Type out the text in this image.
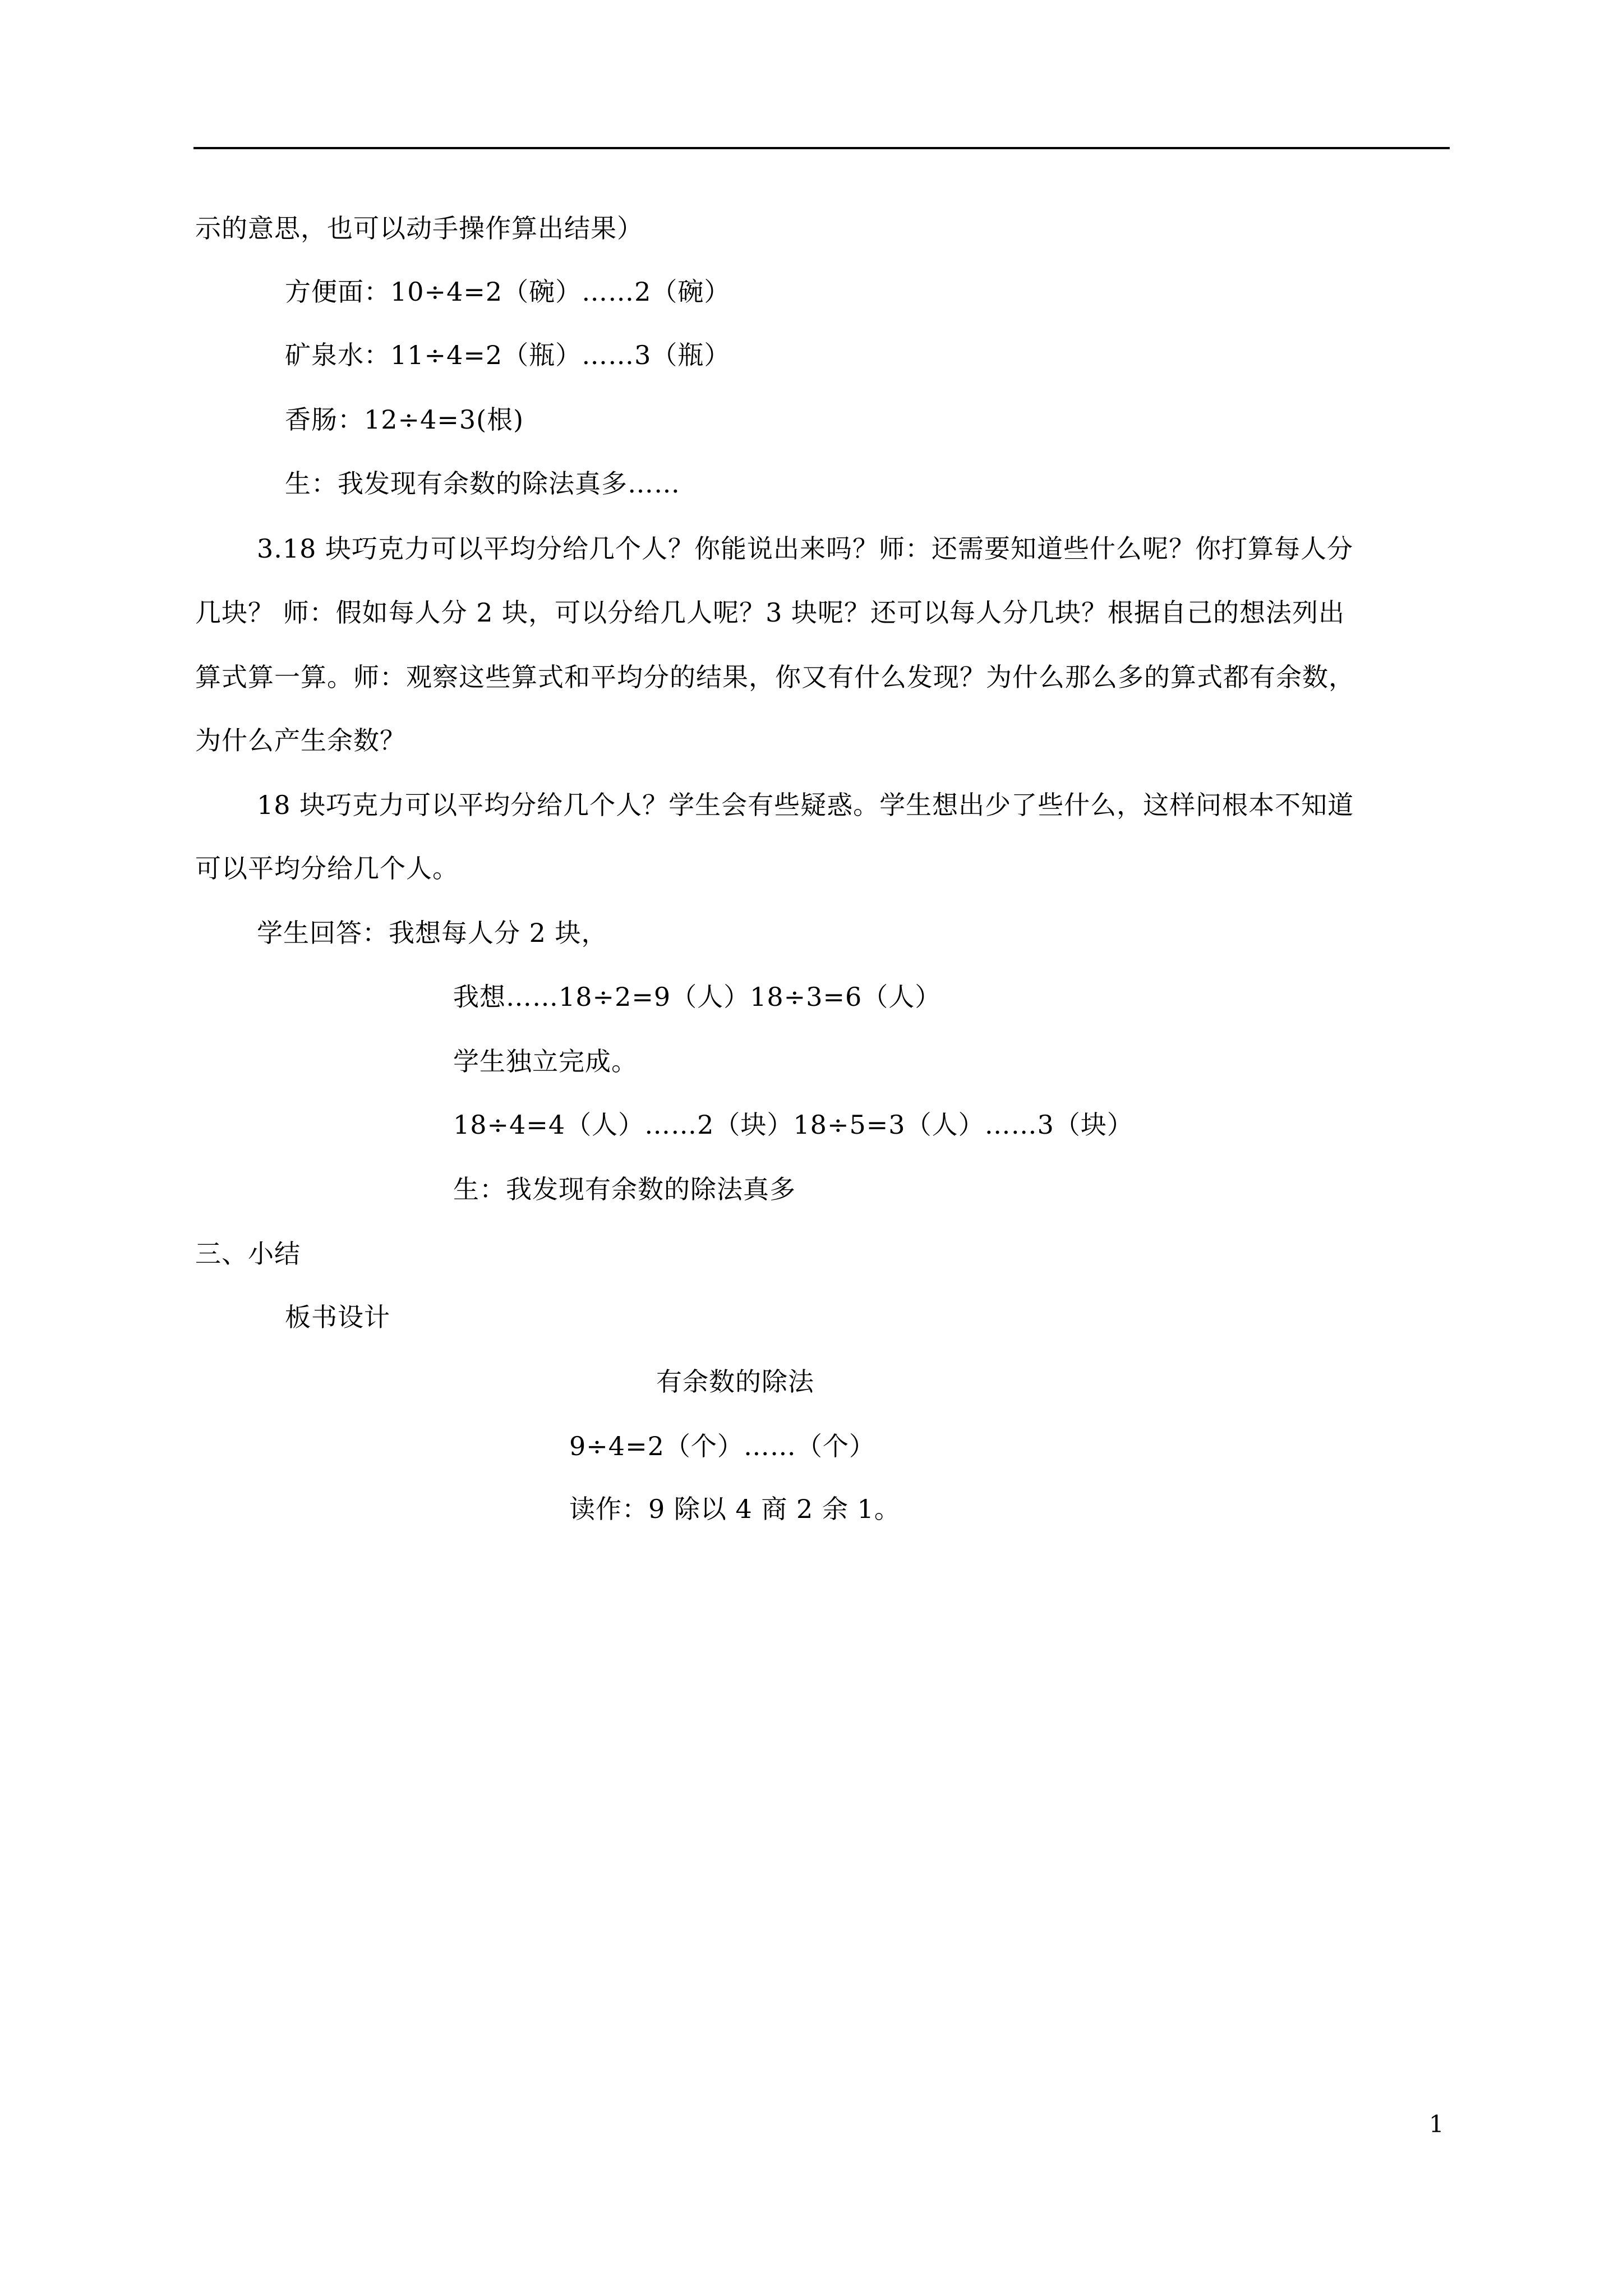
示的意思，也可以动手操作算出结果）
方便面：10÷4=2（碗）……2（碗）
矿泉水：11÷4=2（瓶）……3（瓶）
香肠：12÷4=3(根)
生：我发现有余数的除法真多……
3.18 块巧克力可以平均分给几个人？你能说出来吗？师：还需要知道些什么呢？你打算每人分
几块？ 师：假如每人分 2 块，可以分给几人呢？3 块呢？还可以每人分几块？根据自己的想法列出
算式算一算。师：观察这些算式和平均分的结果，你又有什么发现？为什么那么多的算式都有余数，
为什么产生余数？
18 块巧克力可以平均分给几个人？学生会有些疑惑。学生想出少了些什么，这样问根本不知道
可以平均分给几个人。
学生回答：我想每人分 2 块，
我想……18÷2=9（人）18÷3=6（人）
学生独立完成。
18÷4=4（人）……2（块）18÷5=3（人）……3（块）
生：我发现有余数的除法真多
三、小结
板书设计
有余数的除法
9÷4=2（个）……（个）
读作：9 除以 4 商 2 余 1。
1
